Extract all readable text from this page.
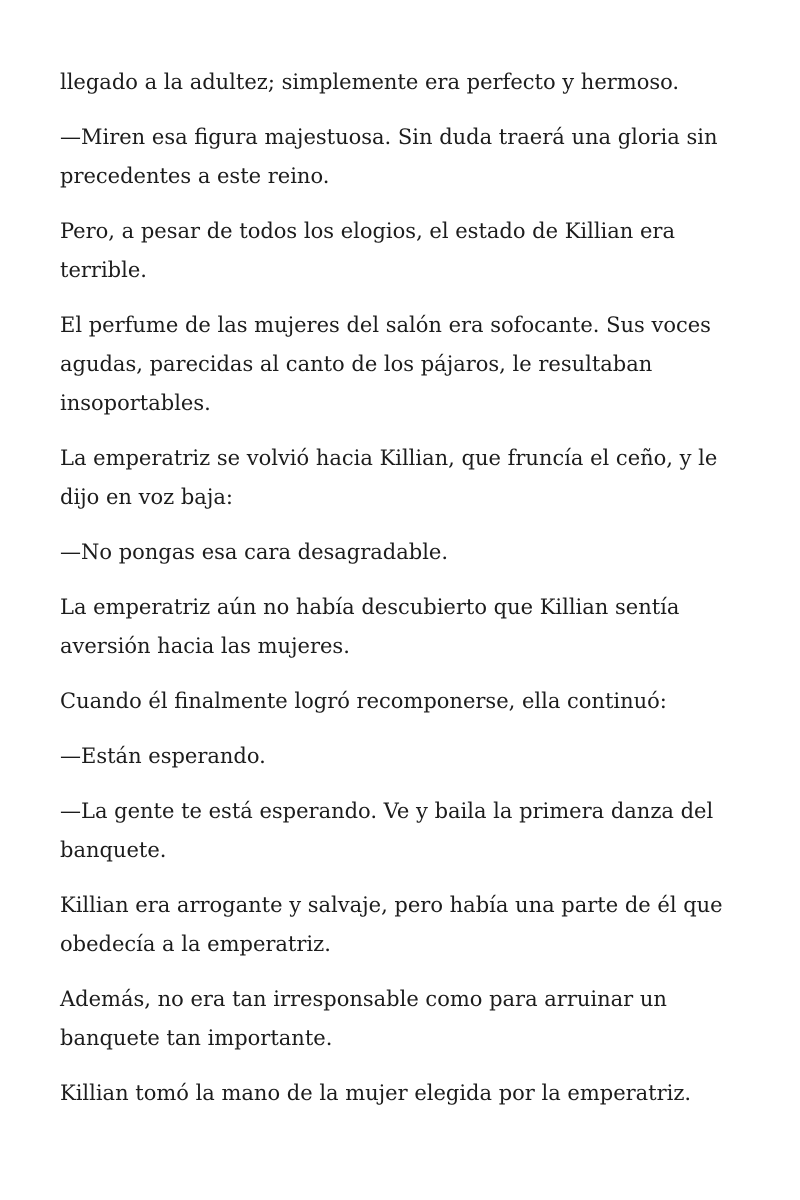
llegado a la adultez; simplemente era perfecto y hermoso.

—Miren esa figura majestuosa. Sin duda traerá una gloria sin precedentes a este reino.

Pero, a pesar de todos los elogios, el estado de Killian era terrible.

El perfume de las mujeres del salón era sofocante. Sus voces agudas, parecidas al canto de los pájaros, le resultaban insoportables.

La emperatriz se volvió hacia Killian, que fruncía el ceño, y le dijo en voz baja:

—No pongas esa cara desagradable.

La emperatriz aún no había descubierto que Killian sentía aversión hacia las mujeres.

Cuando él finalmente logró recomponerse, ella continuó:

—Están esperando.

—La gente te está esperando. Ve y baila la primera danza del banquete.

Killian era arrogante y salvaje, pero había una parte de él que obedecía a la emperatriz.

Además, no era tan irresponsable como para arruinar un banquete tan importante.

Killian tomó la mano de la mujer elegida por la emperatriz.
